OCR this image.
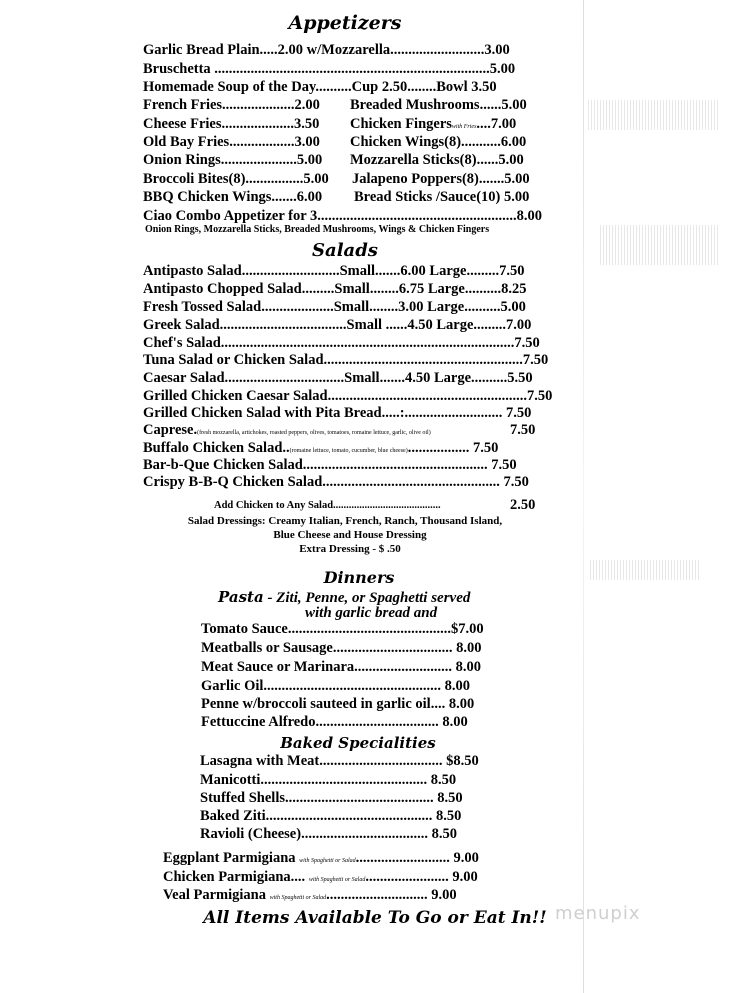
Appetizers
Garlic Bread Plain.....2.00 w/Mozzarella..........................3.00
Bruschetta ............................................................................5.00
Homemade Soup of the Day..........Cup 2.50........Bowl 3.50
French Fries....................2.00 Breaded Mushrooms......5.00
Cheese Fries....................3.50 Chicken Fingerswith Fries....7.00
Old Bay Fries..................3.00 Chicken Wings(8)...........6.00
Onion Rings.....................5.00 Mozzarella Sticks(8)......5.00
Broccoli Bites(8)................5.00 Jalapeno Poppers(8).......5.00
BBQ Chicken Wings.......6.00 Bread Sticks /Sauce(10) 5.00
Ciao Combo Appetizer for 3.......................................................8.00
Onion Rings, Mozzarella Sticks, Breaded Mushrooms, Wings & Chicken Fingers
Salads
Antipasto Salad...........................Small.......6.00 Large.........7.50
Antipasto Chopped Salad.........Small........6.75 Large..........8.25
Fresh Tossed Salad....................Small........3.00 Large..........5.00
Greek Salad...................................Small ......4.50 Large.........7.00
Chef's Salad.................................................................................7.50
Tuna Salad or Chicken Salad.......................................................7.50
Caesar Salad.................................Small.......4.50 Large..........5.50
Grilled Chicken Caesar Salad.......................................................7.50
Grilled Chicken Salad with Pita Bread.....:........................... 7.50
Caprese.(fresh mozzarella, artichokes, roasted peppers, olives, tomatoes, romaine lettuce, garlic, olive oil)	7.50
Buffalo Chicken Salad..(romaine lettuce, tomato, cucumber, blue cheese)................. 7.50
Bar-b-Que Chicken Salad................................................... 7.50
Crispy B-B-Q Chicken Salad................................................. 7.50
Add Chicken to Any Salad.........................................	2.50
Salad Dressings: Creamy Italian, French, Ranch, Thousand Island,
Blue Cheese and House Dressing
Extra Dressing - $ .50
Dinners
Pasta - Ziti, Penne, or Spaghetti served
with garlic bread and
Tomato Sauce.............................................$7.00
Meatballs or Sausage................................. 8.00
Meat Sauce or Marinara........................... 8.00
Garlic Oil................................................. 8.00
Penne w/broccoli sauteed in garlic oil.... 8.00
Fettuccine Alfredo.................................. 8.00
Baked Specialities
Lasagna with Meat.................................. $8.50
Manicotti.............................................. 8.50
Stuffed Shells......................................... 8.50
Baked Ziti.............................................. 8.50
Ravioli (Cheese)................................... 8.50
Eggplant Parmigiana with Spaghetti or Salad.......................... 9.00
Chicken Parmigiana.... with Spaghetti or Salad....................... 9.00
Veal Parmigiana with Spaghetti or Salad............................ 9.00
All Items Available To Go or Eat In!! menupix
